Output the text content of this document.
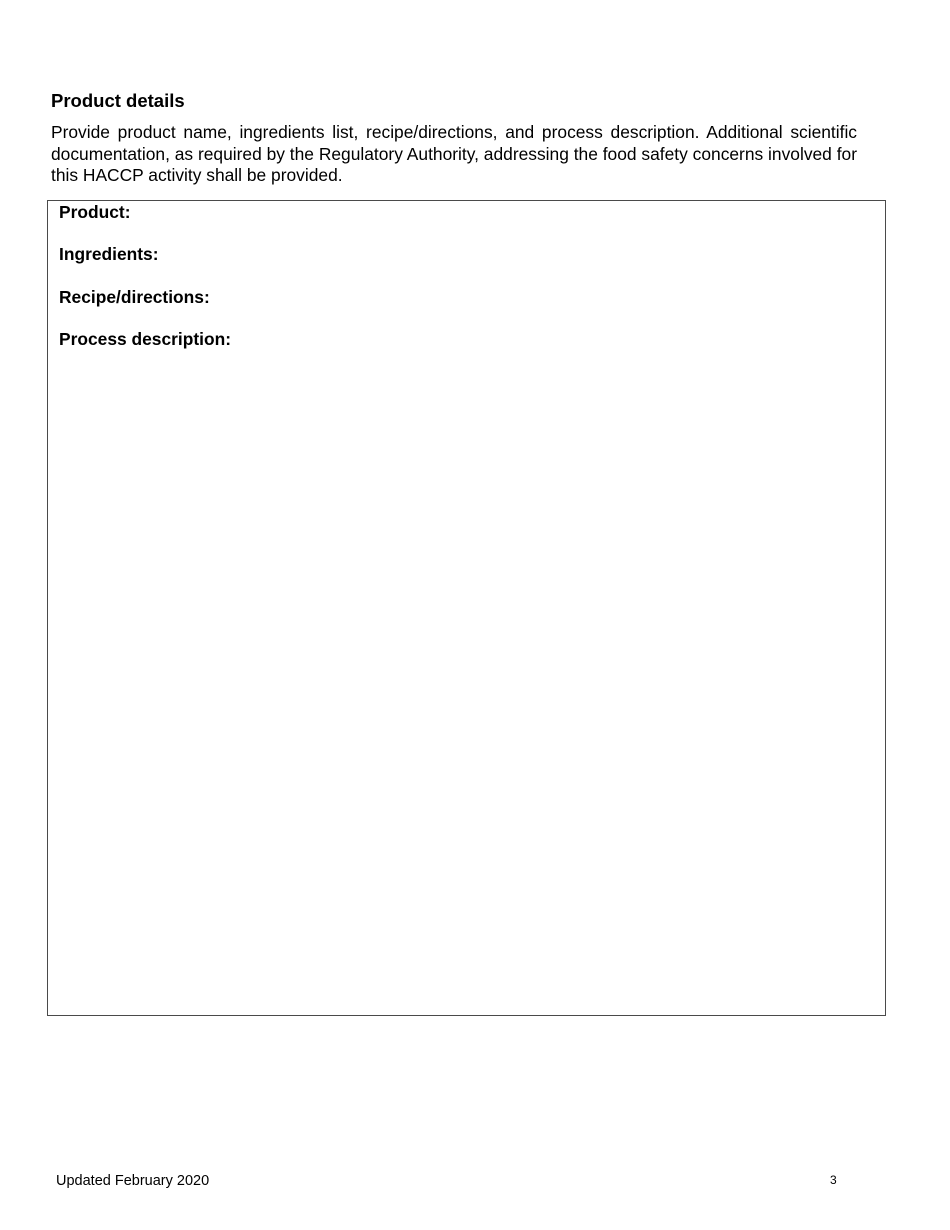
Product details

Provide product name, ingredients list, recipe/directions, and process description. Additional scientific documentation, as required by the Regulatory Authority, addressing the food safety concerns involved for this HACCP activity shall be provided.

Product:
Ingredients:
Recipe/directions:
Process description:
Updated February 2020	3
